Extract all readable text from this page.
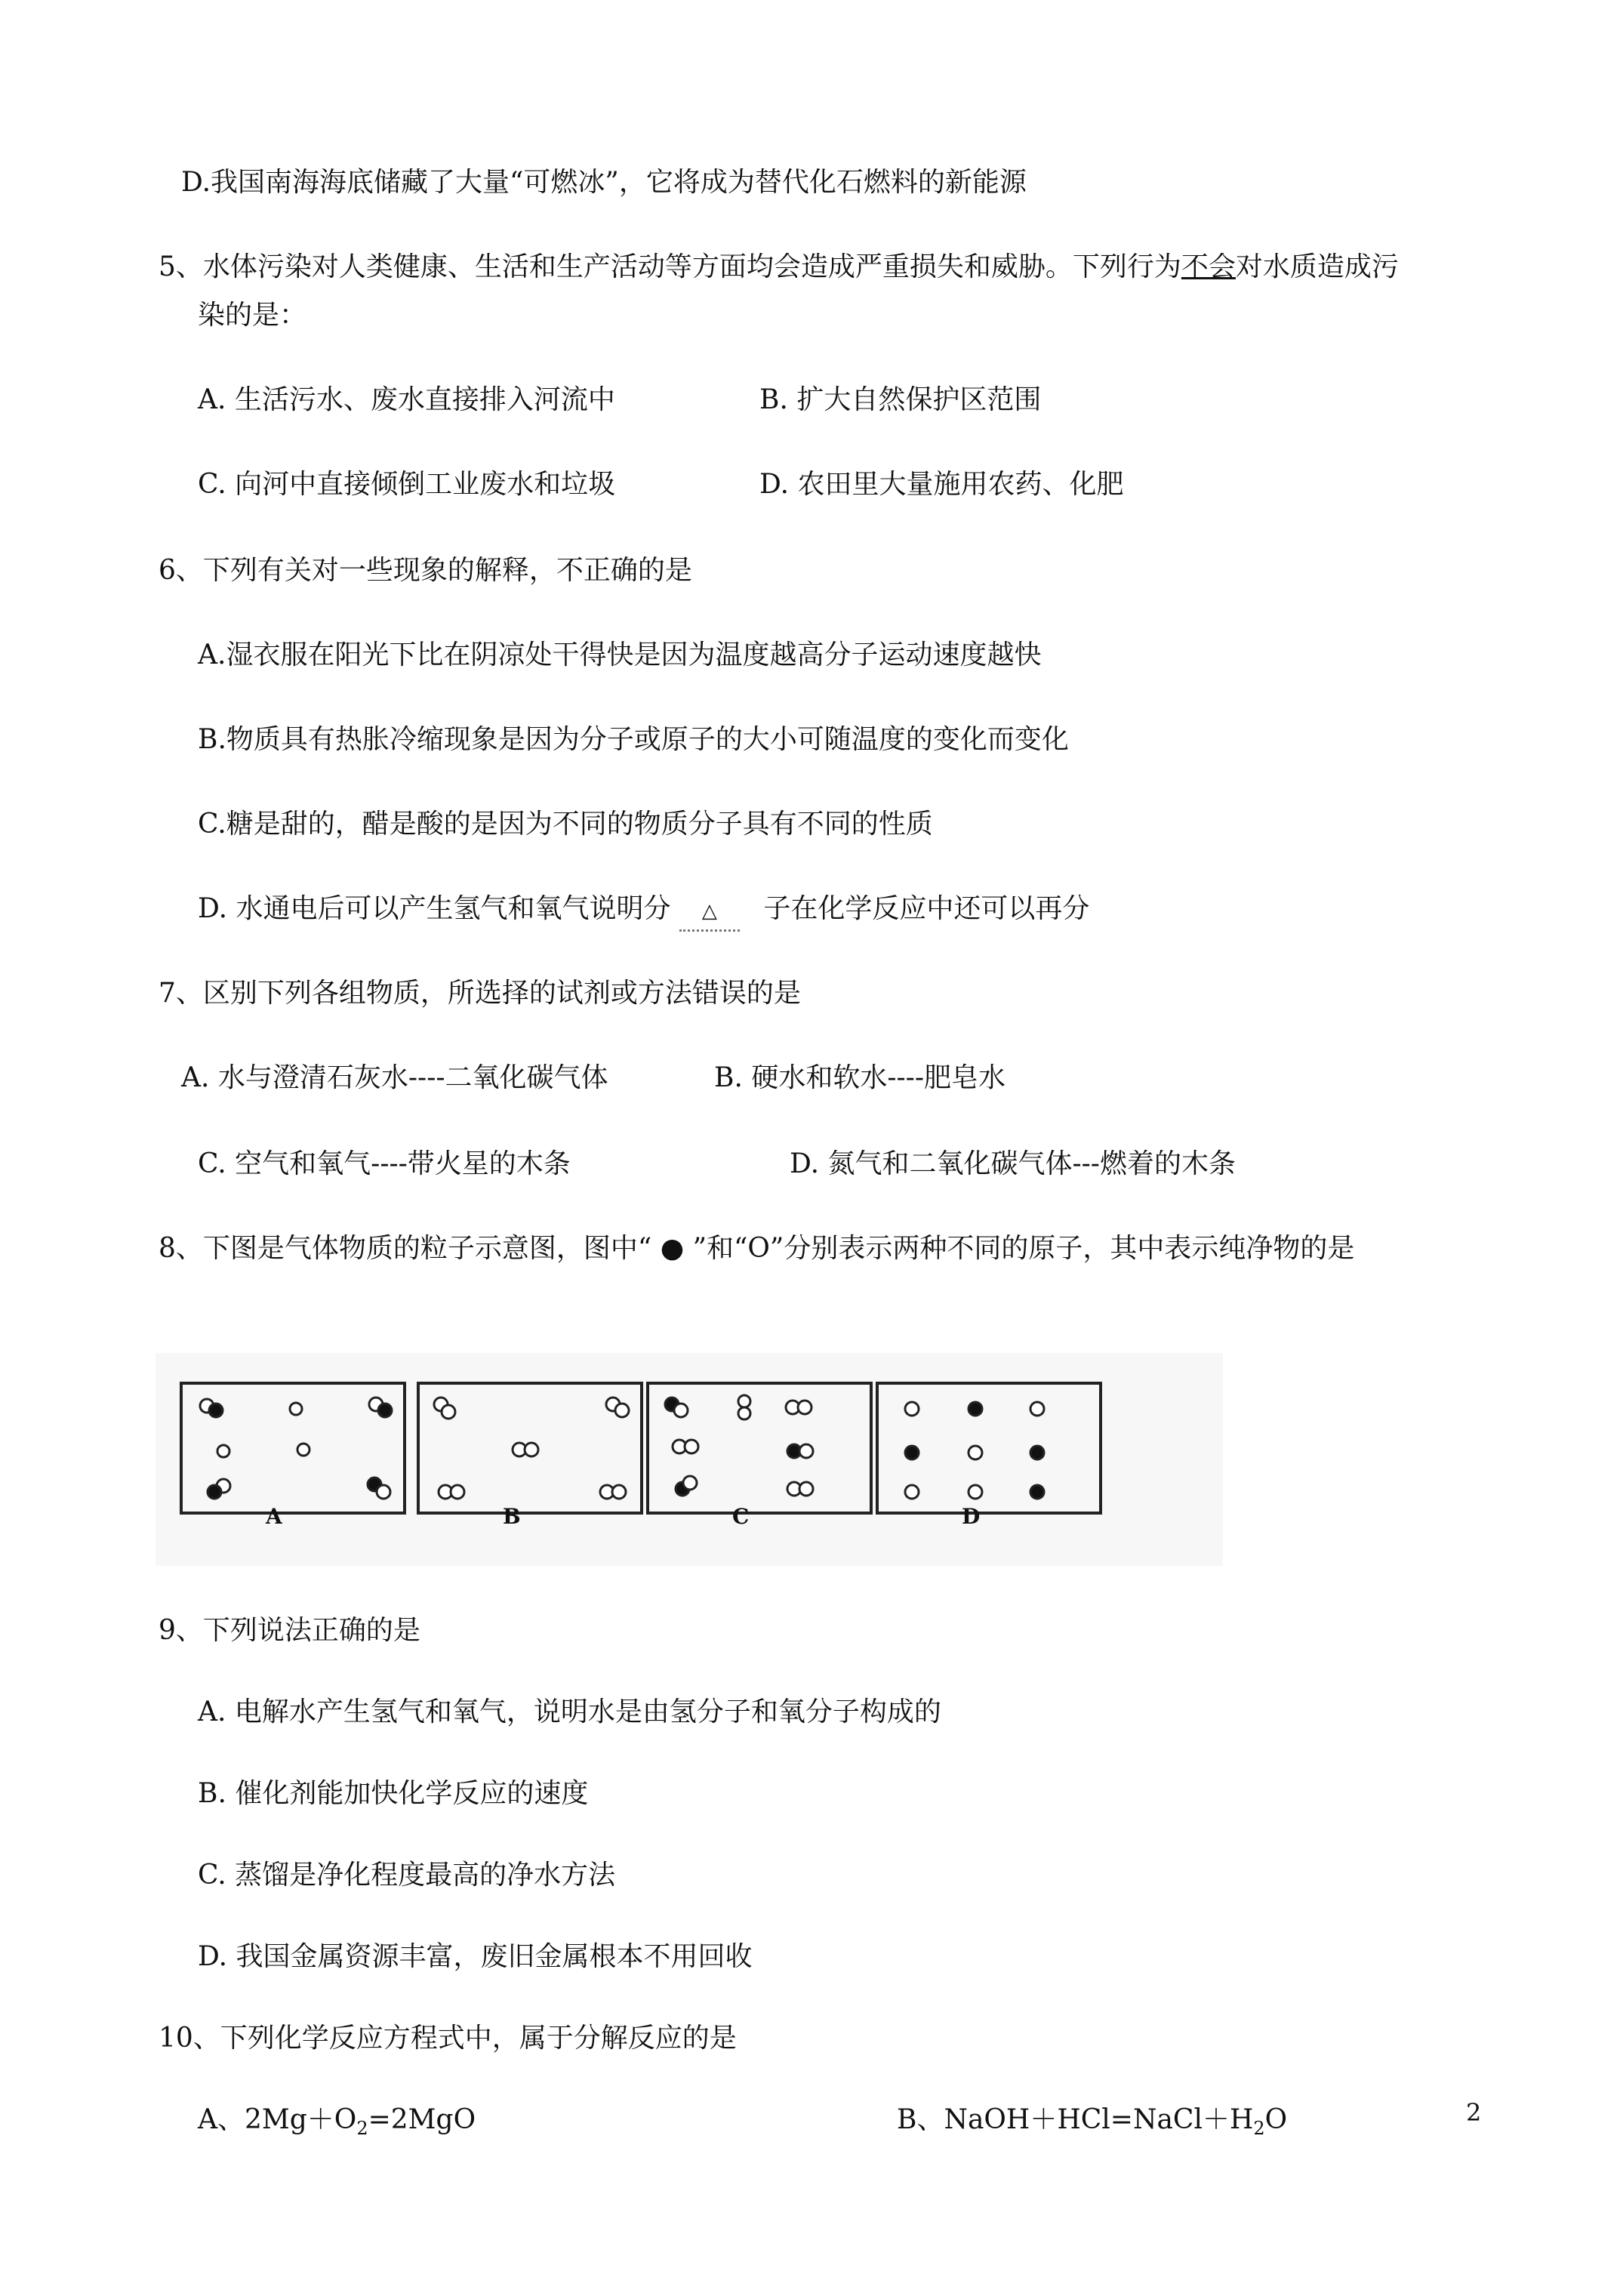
D.我国南海海底储藏了大量“可燃冰”，它将成为替代化石燃料的新能源
5、水体污染对人类健康、生活和生产活动等方面均会造成严重损失和威胁。下列行为不会对水质造成污
染的是：
A. 生活污水、废水直接排入河流中	B. 扩大自然保护区范围
C. 向河中直接倾倒工业废水和垃圾	D. 农田里大量施用农药、化肥
6、下列有关对一些现象的解释，不正确的是
A.湿衣服在阳光下比在阴凉处干得快是因为温度越高分子运动速度越快
B.物质具有热胀冷缩现象是因为分子或原子的大小可随温度的变化而变化
C.糖是甜的，醋是酸的是因为不同的物质分子具有不同的性质
D. 水通电后可以产生氢气和氧气说明分 △ 子在化学反应中还可以再分
7、区别下列各组物质，所选择的试剂或方法错误的是
A. 水与澄清石灰水----二氧化碳气体	B. 硬水和软水----肥皂水
C. 空气和氧气----带火星的木条	D. 氮气和二氧化碳气体---燃着的木条
8、下图是气体物质的粒子示意图，图中“ ● ”和“O”分别表示两种不同的原子，其中表示纯净物的是
A	B	C	D
9、下列说法正确的是
A. 电解水产生氢气和氧气，说明水是由氢分子和氧分子构成的
B. 催化剂能加快化学反应的速度
C. 蒸馏是净化程度最高的净水方法
D. 我国金属资源丰富，废旧金属根本不用回收
10、下列化学反应方程式中，属于分解反应的是
A、$2Mg+O_2=2MgO$	B、$NaOH+HCl=NaCl+H_2O$	2
